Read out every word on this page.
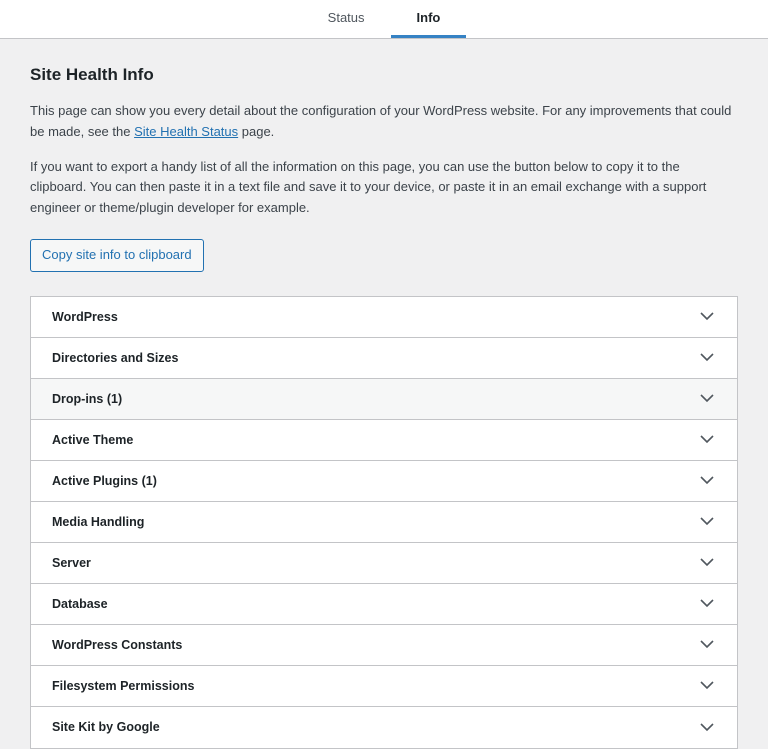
Status	Info
Site Health Info

This page can show you every detail about the configuration of your WordPress website. For any improvements that could be made, see the Site Health Status page.

If you want to export a handy list of all the information on this page, you can use the button below to copy it to the clipboard. You can then paste it in a text file and save it to your device, or paste it in an email exchange with a support engineer or theme/plugin developer for example.

Copy site info to clipboard
WordPress
Directories and Sizes
Drop-ins (1)
Active Theme
Active Plugins (1)
Media Handling
Server
Database
WordPress Constants
Filesystem Permissions
Site Kit by Google
